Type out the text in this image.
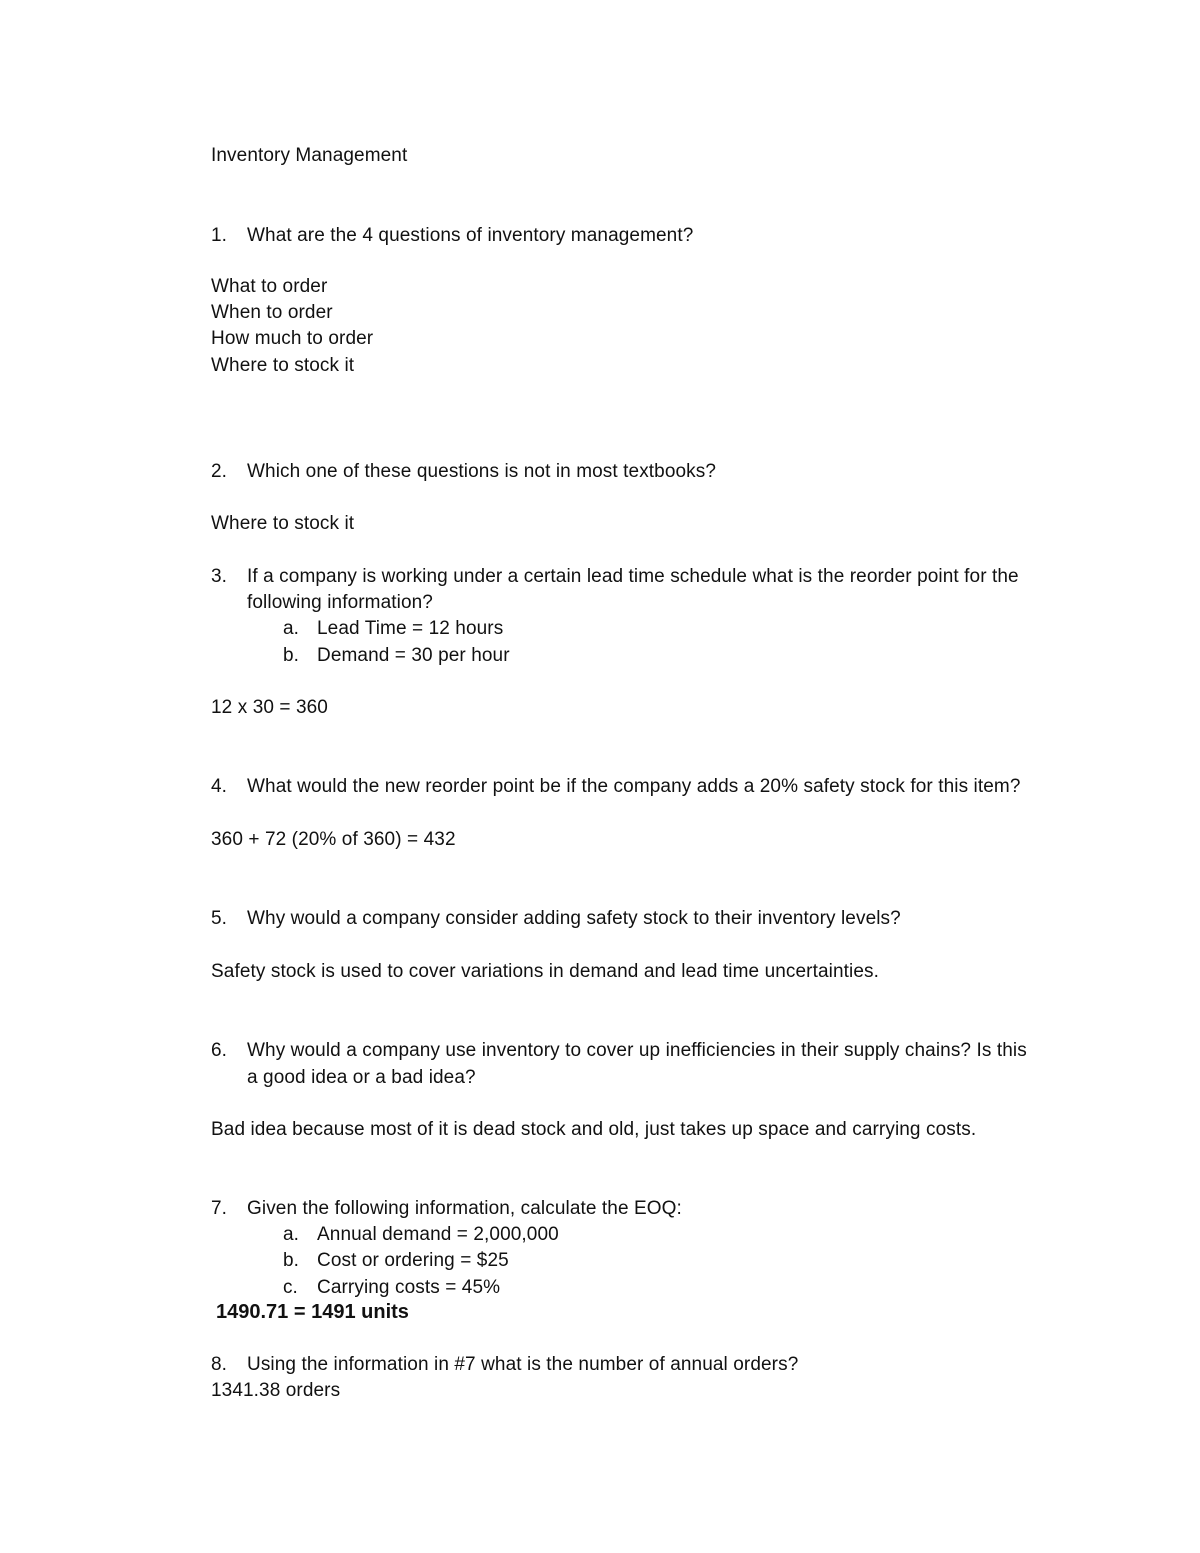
Inventory Management
1. What are the 4 questions of inventory management?
What to order
When to order
How much to order
Where to stock it
2. Which one of these questions is not in most textbooks?
Where to stock it
3. If a company is working under a certain lead time schedule what is the reorder point for the
following information?
a. Lead Time = 12 hours
b. Demand = 30 per hour
12 x 30 = 360
4. What would the new reorder point be if the company adds a 20% safety stock for this item?
360 + 72 (20% of 360) = 432
5. Why would a company consider adding safety stock to their inventory levels?
Safety stock is used to cover variations in demand and lead time uncertainties.
6. Why would a company use inventory to cover up inefficiencies in their supply chains? Is this
a good idea or a bad idea?
Bad idea because most of it is dead stock and old, just takes up space and carrying costs.
7. Given the following information, calculate the EOQ:
a. Annual demand = 2,000,000
b. Cost or ordering = $25
c. Carrying costs = 45%
1490.71 = 1491 units
8. Using the information in #7 what is the number of annual orders?
1341.38 orders
